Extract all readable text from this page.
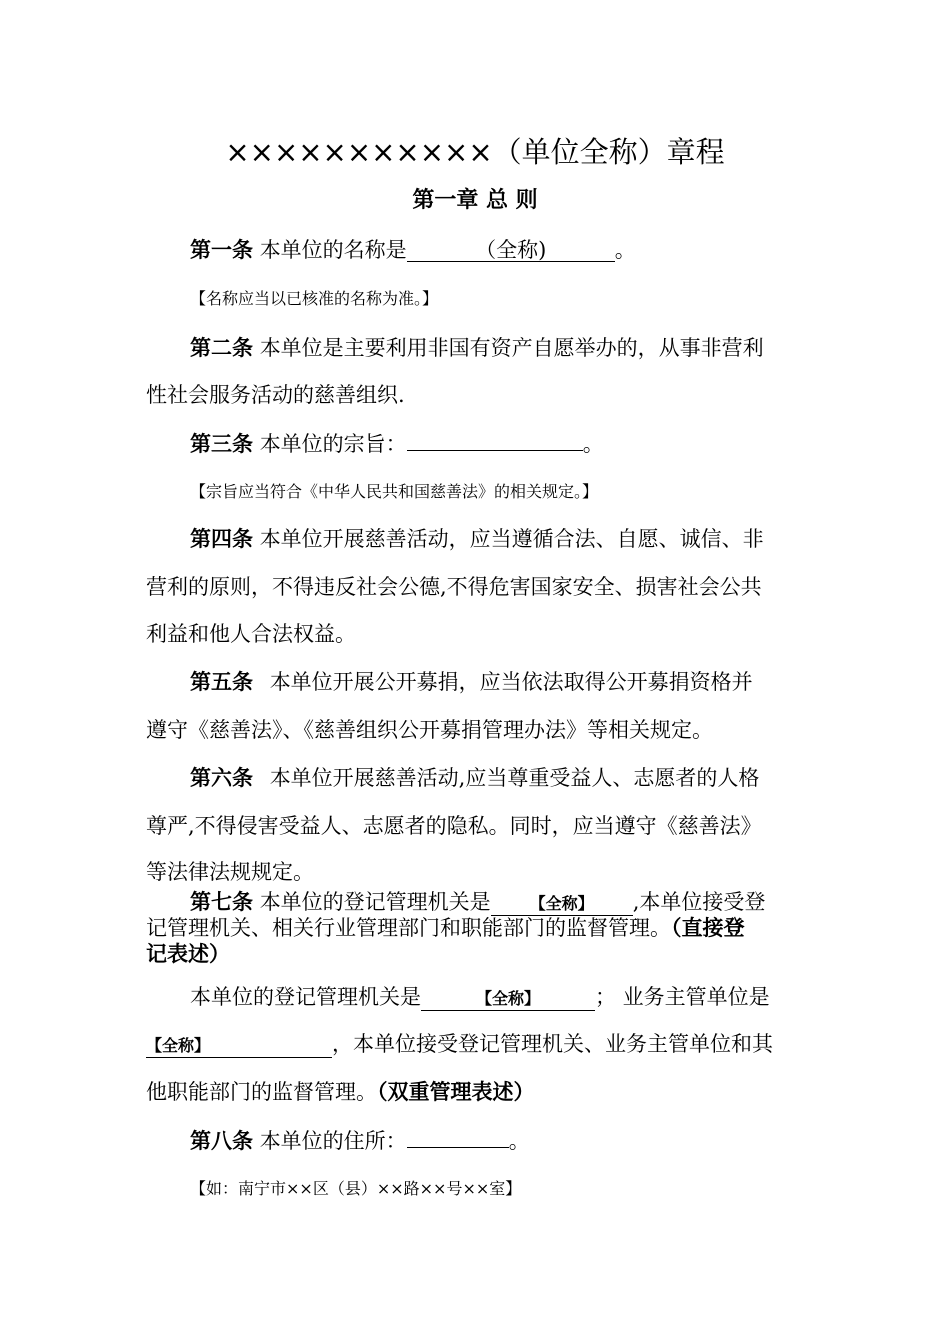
×××××××××××（单位全称）章程
第一章 总 则
第一条 本单位的名称是	（全称)	。
【名称应当以已核准的名称为准。】
第二条 本单位是主要利用非国有资产自愿举办的，从事非营利
性社会服务活动的慈善组织.
第三条 本单位的宗旨：	。
【宗旨应当符合《中华人民共和国慈善法》的相关规定。】
第四条 本单位开展慈善活动，应当遵循合法、自愿、诚信、非
营利的原则，不得违反社会公德,不得危害国家安全、损害社会公共
利益和他人合法权益。
第五条 本单位开展公开募捐，应当依法取得公开募捐资格并
遵守《慈善法》、《慈善组织公开募捐管理办法》等相关规定。
第六条 本单位开展慈善活动,应当尊重受益人、志愿者的人格
尊严,不得侵害受益人、志愿者的隐私。同时，应当遵守《慈善法》
等法律法规规定。
第七条 本单位的登记管理机关是 【全称】 ,本单位接受登
记管理机关、相关行业管理部门和职能部门的监督管理。（直接登
记表述）
本单位的登记管理机关是	【全称】	； 业务主管单位是
【全称】	，本单位接受登记管理机关、业务主管单位和其
他职能部门的监督管理。（双重管理表述）
第八条 本单位的住所：	。
【如：南宁市××区（县）××路××号××室】
